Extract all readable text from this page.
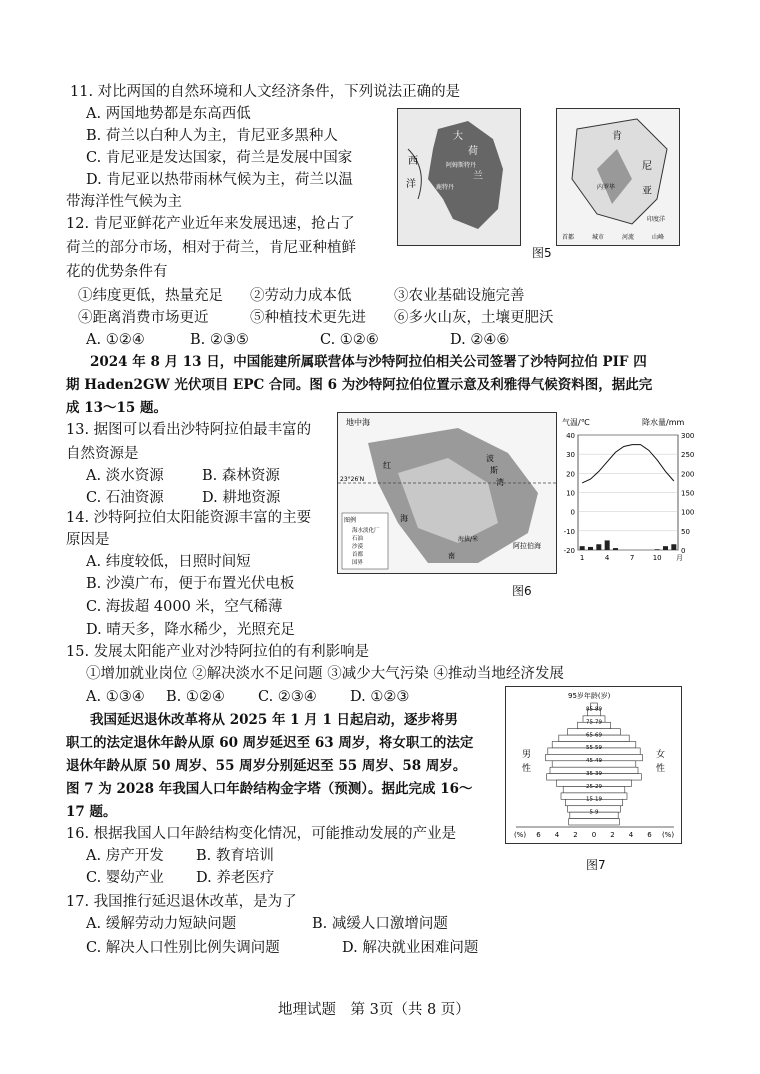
11. 对比两国的自然环境和人文经济条件，下列说法正确的是
A. 两国地势都是东高西低
B. 荷兰以白种人为主，肯尼亚多黑种人
C. 肯尼亚是发达国家，荷兰是发展中国家
D. 肯尼亚以热带雨林气候为主，荷兰以温
带海洋性气候为主
大
西
洋
荷
兰
阿姆斯特丹
鹿特丹
肯
尼
亚
内罗毕
印度洋
首都	城市	河流	山峰
图5
12. 肯尼亚鲜花产业近年来发展迅速，抢占了
荷兰的部分市场，相对于荷兰，肯尼亚种植鲜
花的优势条件有
①纬度更低，热量充足 ②劳动力成本低	③农业基础设施完善
④距离消费市场更近	⑤种植技术更先进 ⑥多火山灰，土壤更肥沃
A. ①②④	B. ②③⑤	C. ①②⑥	D. ②④⑥
2024 年 8 月 13 日，中国能建所属联营体与沙特阿拉伯相关公司签署了沙特阿拉伯 PIF 四
期 Haden2GW 光伏项目 EPC 合同。图 6 为沙特阿拉伯位置示意及利雅得气候资料图，据此完
成 13～15 题。
13. 据图可以看出沙特阿拉伯最丰富的
自然资源是
A. 淡水资源	B. 森林资源
C. 石油资源	D. 耕地资源
地中海
红
海
波
斯
湾
23°26′N
阿拉伯海
南
图例
海水淡化厂
石油
沙漠
首都
国界
海拔/米
气温/℃	降水量/mm
40	300
30	250
20	200
10	150
0	100
-10	50
-20	0
1	4	7	10 月
图6
14. 沙特阿拉伯太阳能资源丰富的主要
原因是
A. 纬度较低，日照时间短
B. 沙漠广布，便于布置光伏电板
C. 海拔超 4000 米，空气稀薄
D. 晴天多，降水稀少，光照充足
15. 发展太阳能产业对沙特阿拉伯的有利影响是
①增加就业岗位 ②解决淡水不足问题 ③减少大气污染 ④推动当地经济发展
A. ①③④ B. ①②④ C. ②③④ D. ①②③
我国延迟退休改革将从 2025 年 1 月 1 日起启动，逐步将男
职工的法定退休年龄从原 60 周岁延迟至 63 周岁，将女职工的法定
退休年龄从原 50 周岁、55 周岁分别延迟至 55 周岁、58 周岁。
图 7 为 2028 年我国人口年龄结构金字塔（预测）。据此完成 16～
17 题。
95岁年龄(岁)
男
性
女
性
85-89
75-79
65-69
55-59
45-49
35-39
25-29
15-19
5-9
(%) 6 4 2 0 2 4 6 (%)
图7
16. 根据我国人口年龄结构变化情况，可能推动发展的产业是
A. 房产开发 B. 教育培训
C. 婴幼产业 D. 养老医疗
17. 我国推行延迟退休改革，是为了
A. 缓解劳动力短缺问题	B. 减缓人口激增问题
C. 解决人口性别比例失调问题	D. 解决就业困难问题
地理试题　第 3页（共 8 页）
